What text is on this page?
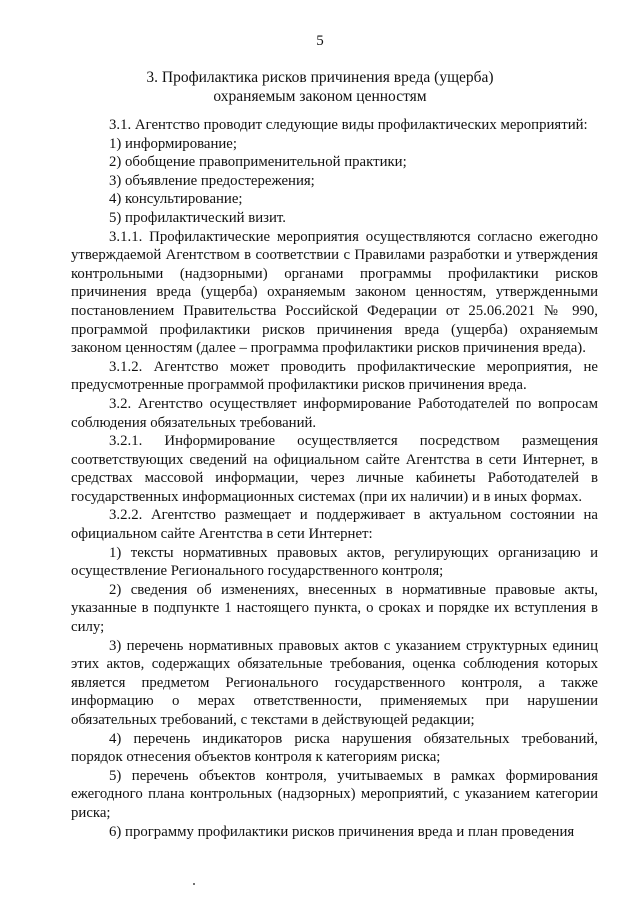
5
3. Профилактика рисков причинения вреда (ущерба)
охраняемым законом ценностям

3.1. Агентство проводит следующие виды профилактических мероприятий:

1) информирование;

2) обобщение правоприменительной практики;

3) объявление предостережения;

4) консультирование;

5) профилактический визит.

3.1.1. Профилактические мероприятия осуществляются согласно ежегодно утверждаемой Агентством в соответствии с Правилами разработки и утверждения контрольными (надзорными) органами программы профилактики рисков причинения вреда (ущерба) охраняемым законом ценностям, утвержденными постановлением Правительства Российской Федерации от 25.06.2021 № 990, программой профилактики рисков причинения вреда (ущерба) охраняемым законом ценностям (далее – программа профилактики рисков причинения вреда).

3.1.2. Агентство может проводить профилактические мероприятия, не предусмотренные программой профилактики рисков причинения вреда.

3.2. Агентство осуществляет информирование Работодателей по вопросам соблюдения обязательных требований.

3.2.1. Информирование осуществляется посредством размещения соответствующих сведений на официальном сайте Агентства в сети Интернет, в средствах массовой информации, через личные кабинеты Работодателей в государственных информационных системах (при их наличии) и в иных формах.

3.2.2. Агентство размещает и поддерживает в актуальном состоянии на официальном сайте Агентства в сети Интернет:

1) тексты нормативных правовых актов, регулирующих организацию и осуществление Регионального государственного контроля;

2) сведения об изменениях, внесенных в нормативные правовые акты, указанные в подпункте 1 настоящего пункта, о сроках и порядке их вступления в силу;

3) перечень нормативных правовых актов с указанием структурных единиц этих актов, содержащих обязательные требования, оценка соблюдения которых является предметом Регионального государственного контроля, а также информацию о мерах ответственности, применяемых при нарушении обязательных требований, с текстами в действующей редакции;

4) перечень индикаторов риска нарушения обязательных требований, порядок отнесения объектов контроля к категориям риска;

5) перечень объектов контроля, учитываемых в рамках формирования ежегодного плана контрольных (надзорных) мероприятий, с указанием категории риска;

6) программу профилактики рисков причинения вреда и план проведения
